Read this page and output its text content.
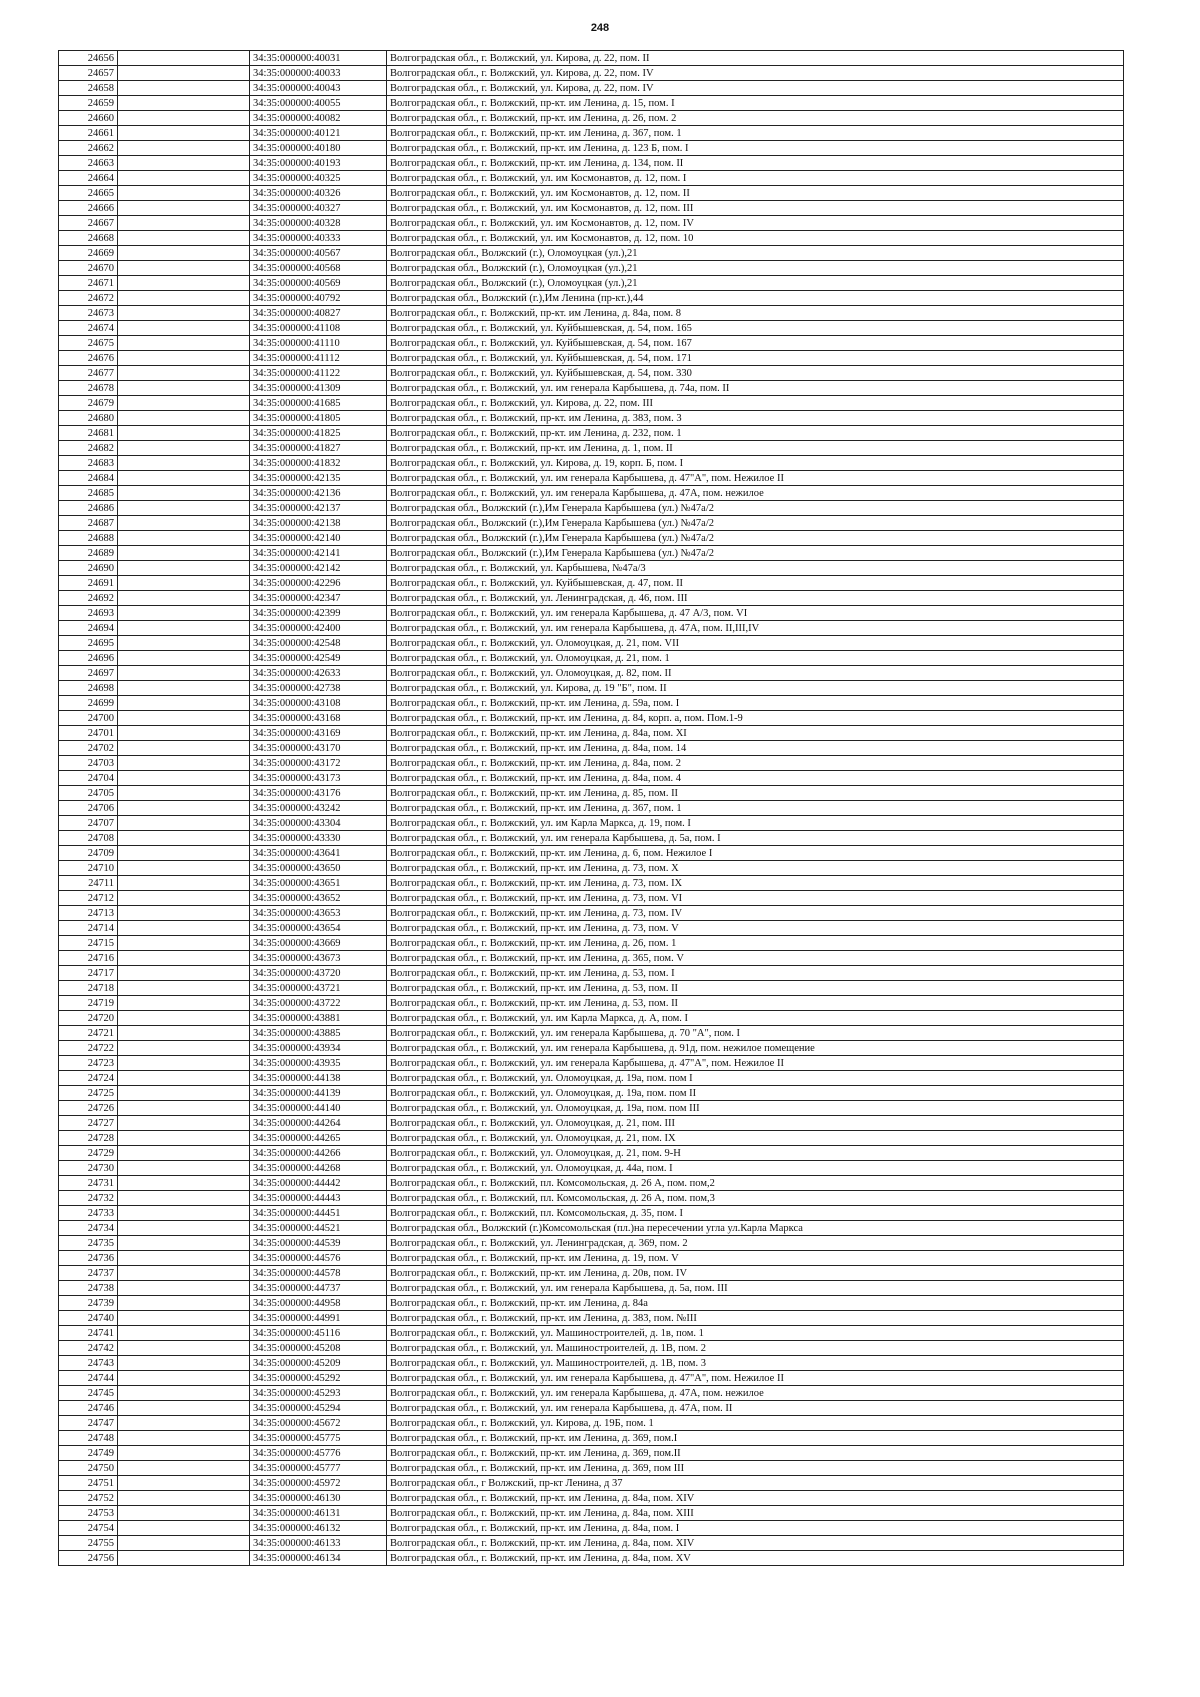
248
24656		34:35:000000:40031	Волгоградская обл., г. Волжский, ул. Кирова, д. 22, пом. II
24657		34:35:000000:40033	Волгоградская обл., г. Волжский, ул. Кирова, д. 22, пом. IV
24658		34:35:000000:40043	Волгоградская обл., г. Волжский, ул. Кирова, д. 22, пом. IV
24659		34:35:000000:40055	Волгоградская обл., г. Волжский, пр-кт. им Ленина, д. 15, пом. I
24660		34:35:000000:40082	Волгоградская обл., г. Волжский, пр-кт. им Ленина, д. 26, пом. 2
24661		34:35:000000:40121	Волгоградская обл., г. Волжский, пр-кт. им Ленина, д. 367, пом. 1
24662		34:35:000000:40180	Волгоградская обл., г. Волжский, пр-кт. им Ленина, д. 123 Б, пом. I
24663		34:35:000000:40193	Волгоградская обл., г. Волжский, пр-кт. им Ленина, д. 134, пом. II
24664		34:35:000000:40325	Волгоградская обл., г. Волжский, ул. им Космонавтов, д. 12, пом. I
24665		34:35:000000:40326	Волгоградская обл., г. Волжский, ул. им Космонавтов, д. 12, пом. II
24666		34:35:000000:40327	Волгоградская обл., г. Волжский, ул. им Космонавтов, д. 12, пом. III
24667		34:35:000000:40328	Волгоградская обл., г. Волжский, ул. им Космонавтов, д. 12, пом. IV
24668		34:35:000000:40333	Волгоградская обл., г. Волжский, ул. им Космонавтов, д. 12, пом. 10
24669		34:35:000000:40567	Волгоградская обл., Волжский (г.), Оломоуцкая (ул.),21
24670		34:35:000000:40568	Волгоградская обл., Волжский (г.), Оломоуцкая (ул.),21
24671		34:35:000000:40569	Волгоградская обл., Волжский (г.), Оломоуцкая (ул.),21
24672		34:35:000000:40792	Волгоградская обл., Волжский (г.),Им Ленина (пр-кт.),44
24673		34:35:000000:40827	Волгоградская обл., г. Волжский, пр-кт. им Ленина, д. 84а, пом. 8
24674		34:35:000000:41108	Волгоградская обл., г. Волжский, ул. Куйбышевская, д. 54, пом. 165
24675		34:35:000000:41110	Волгоградская обл., г. Волжский, ул. Куйбышевская, д. 54, пом. 167
24676		34:35:000000:41112	Волгоградская обл., г. Волжский, ул. Куйбышевская, д. 54, пом. 171
24677		34:35:000000:41122	Волгоградская обл., г. Волжский, ул. Куйбышевская, д. 54, пом. 330
24678		34:35:000000:41309	Волгоградская обл., г. Волжский, ул. им генерала Карбышева, д. 74а, пом. II
24679		34:35:000000:41685	Волгоградская обл., г. Волжский, ул. Кирова, д. 22, пом. III
24680		34:35:000000:41805	Волгоградская обл., г. Волжский, пр-кт. им Ленина, д. 383, пом. 3
24681		34:35:000000:41825	Волгоградская обл., г. Волжский, пр-кт. им Ленина, д. 232, пом. 1
24682		34:35:000000:41827	Волгоградская обл., г. Волжский, пр-кт. им Ленина, д. 1, пом. II
24683		34:35:000000:41832	Волгоградская обл., г. Волжский, ул. Кирова, д. 19, корп. Б, пом. I
24684		34:35:000000:42135	Волгоградская обл., г. Волжский, ул. им генерала Карбышева, д. 47"А", пом. Нежилое II
24685		34:35:000000:42136	Волгоградская обл., г. Волжский, ул. им генерала Карбышева, д. 47А, пом. нежилое
24686		34:35:000000:42137	Волгоградская обл., Волжский (г.),Им Генерала Карбышева (ул.) №47а/2
24687		34:35:000000:42138	Волгоградская обл., Волжский (г.),Им Генерала Карбышева (ул.) №47а/2
24688		34:35:000000:42140	Волгоградская обл., Волжский (г.),Им Генерала Карбышева (ул.) №47а/2
24689		34:35:000000:42141	Волгоградская обл., Волжский (г.),Им Генерала Карбышева (ул.) №47а/2
24690		34:35:000000:42142	Волгоградская обл., г. Волжский, ул. Карбышева, №47а/3
24691		34:35:000000:42296	Волгоградская обл., г. Волжский, ул. Куйбышевская, д. 47, пом. II
24692		34:35:000000:42347	Волгоградская обл., г. Волжский, ул. Ленинградская, д. 46, пом. III
24693		34:35:000000:42399	Волгоградская обл., г. Волжский, ул. им генерала Карбышева, д. 47 А/3, пом. VI
24694		34:35:000000:42400	Волгоградская обл., г. Волжский, ул. им генерала Карбышева, д. 47А, пом. II,III,IV
24695		34:35:000000:42548	Волгоградская обл., г. Волжский, ул. Оломоуцкая, д. 21, пом. VII
24696		34:35:000000:42549	Волгоградская обл., г. Волжский, ул. Оломоуцкая, д. 21, пом. 1
24697		34:35:000000:42633	Волгоградская обл., г. Волжский, ул. Оломоуцкая, д. 82, пом. II
24698		34:35:000000:42738	Волгоградская обл., г. Волжский, ул. Кирова, д. 19 "Б", пом. II
24699		34:35:000000:43108	Волгоградская обл., г. Волжский, пр-кт. им Ленина, д. 59а, пом. I
24700		34:35:000000:43168	Волгоградская обл., г. Волжский, пр-кт. им Ленина, д. 84, корп. а, пом. Пом.1-9
24701		34:35:000000:43169	Волгоградская обл., г. Волжский, пр-кт. им Ленина, д. 84а, пом. XI
24702		34:35:000000:43170	Волгоградская обл., г. Волжский, пр-кт. им Ленина, д. 84а, пом. 14
24703		34:35:000000:43172	Волгоградская обл., г. Волжский, пр-кт. им Ленина, д. 84а, пом. 2
24704		34:35:000000:43173	Волгоградская обл., г. Волжский, пр-кт. им Ленина, д. 84а, пом. 4
24705		34:35:000000:43176	Волгоградская обл., г. Волжский, пр-кт. им Ленина, д. 85, пом. II
24706		34:35:000000:43242	Волгоградская обл., г. Волжский, пр-кт. им Ленина, д. 367, пом. 1
24707		34:35:000000:43304	Волгоградская обл., г. Волжский, ул. им Карла Маркса, д. 19, пом. I
24708		34:35:000000:43330	Волгоградская обл., г. Волжский, ул. им генерала Карбышева, д. 5а, пом. I
24709		34:35:000000:43641	Волгоградская обл., г. Волжский, пр-кт. им Ленина, д. 6, пом. Нежилое I
24710		34:35:000000:43650	Волгоградская обл., г. Волжский, пр-кт. им Ленина, д. 73, пом. X
24711		34:35:000000:43651	Волгоградская обл., г. Волжский, пр-кт. им Ленина, д. 73, пом. IX
24712		34:35:000000:43652	Волгоградская обл., г. Волжский, пр-кт. им Ленина, д. 73, пом. VI
24713		34:35:000000:43653	Волгоградская обл., г. Волжский, пр-кт. им Ленина, д. 73, пом. IV
24714		34:35:000000:43654	Волгоградская обл., г. Волжский, пр-кт. им Ленина, д. 73, пом. V
24715		34:35:000000:43669	Волгоградская обл., г. Волжский, пр-кт. им Ленина, д. 26, пом. 1
24716		34:35:000000:43673	Волгоградская обл., г. Волжский, пр-кт. им Ленина, д. 365, пом. V
24717		34:35:000000:43720	Волгоградская обл., г. Волжский, пр-кт. им Ленина, д. 53, пом. I
24718		34:35:000000:43721	Волгоградская обл., г. Волжский, пр-кт. им Ленина, д. 53, пом. II
24719		34:35:000000:43722	Волгоградская обл., г. Волжский, пр-кт. им Ленина, д. 53, пом. II
24720		34:35:000000:43881	Волгоградская обл., г. Волжский, ул. им Карла Маркса, д. А, пом. I
24721		34:35:000000:43885	Волгоградская обл., г. Волжский, ул. им генерала Карбышева, д. 70 "А", пом. I
24722		34:35:000000:43934	Волгоградская обл., г. Волжский, ул. им генерала Карбышева, д. 91д, пом. нежилое помещение
24723		34:35:000000:43935	Волгоградская обл., г. Волжский, ул. им генерала Карбышева, д. 47"А", пом. Нежилое II
24724		34:35:000000:44138	Волгоградская обл., г. Волжский, ул. Оломоуцкая, д. 19а, пом. пом I
24725		34:35:000000:44139	Волгоградская обл., г. Волжский, ул. Оломоуцкая, д. 19а, пом. пом II
24726		34:35:000000:44140	Волгоградская обл., г. Волжский, ул. Оломоуцкая, д. 19а, пом. пом III
24727		34:35:000000:44264	Волгоградская обл., г. Волжский, ул. Оломоуцкая, д. 21, пом. III
24728		34:35:000000:44265	Волгоградская обл., г. Волжский, ул. Оломоуцкая, д. 21, пом. IX
24729		34:35:000000:44266	Волгоградская обл., г. Волжский, ул. Оломоуцкая, д. 21, пом. 9-Н
24730		34:35:000000:44268	Волгоградская обл., г. Волжский, ул. Оломоуцкая, д. 44а, пом. I
24731		34:35:000000:44442	Волгоградская обл., г. Волжский, пл. Комсомольская, д. 26 А, пом. пом,2
24732		34:35:000000:44443	Волгоградская обл., г. Волжский, пл. Комсомольская, д. 26 А, пом. пом,3
24733		34:35:000000:44451	Волгоградская обл., г. Волжский, пл. Комсомольская, д. 35, пом. I
24734		34:35:000000:44521	Волгоградская обл., Волжский (г.)Комсомольская (пл.)на пересечении угла ул.Карла Маркса
24735		34:35:000000:44539	Волгоградская обл., г. Волжский, ул. Ленинградская, д. 369, пом. 2
24736		34:35:000000:44576	Волгоградская обл., г. Волжский, пр-кт. им Ленина, д. 19, пом. V
24737		34:35:000000:44578	Волгоградская обл., г. Волжский, пр-кт. им Ленина, д. 20в, пом. IV
24738		34:35:000000:44737	Волгоградская обл., г. Волжский, ул. им генерала Карбышева, д. 5а, пом. III
24739		34:35:000000:44958	Волгоградская обл., г. Волжский, пр-кт. им Ленина, д. 84а
24740		34:35:000000:44991	Волгоградская обл., г. Волжский, пр-кт. им Ленина, д. 383, пом. №III
24741		34:35:000000:45116	Волгоградская обл., г. Волжский, ул. Машиностроителей, д. 1в, пом. 1
24742		34:35:000000:45208	Волгоградская обл., г. Волжский, ул. Машиностроителей, д. 1В, пом. 2
24743		34:35:000000:45209	Волгоградская обл., г. Волжский, ул. Машиностроителей, д. 1В, пом. 3
24744		34:35:000000:45292	Волгоградская обл., г. Волжский, ул. им генерала Карбышева, д. 47"А", пом. Нежилое II
24745		34:35:000000:45293	Волгоградская обл., г. Волжский, ул. им генерала Карбышева, д. 47А, пом. нежилое
24746		34:35:000000:45294	Волгоградская обл., г. Волжский, ул. им генерала Карбышева, д. 47А, пом. II
24747		34:35:000000:45672	Волгоградская обл., г. Волжский, ул. Кирова, д. 19Б, пом. 1
24748		34:35:000000:45775	Волгоградская обл., г. Волжский, пр-кт. им Ленина, д. 369, пом.I
24749		34:35:000000:45776	Волгоградская обл., г. Волжский, пр-кт. им Ленина, д. 369, пом.II
24750		34:35:000000:45777	Волгоградская обл., г. Волжский, пр-кт. им Ленина, д. 369, пом III
24751		34:35:000000:45972	Волгоградская обл., г Волжский, пр-кт Ленина, д 37
24752		34:35:000000:46130	Волгоградская обл., г. Волжский, пр-кт. им Ленина, д. 84а, пом. XIV
24753		34:35:000000:46131	Волгоградская обл., г. Волжский, пр-кт. им Ленина, д. 84а, пом. XIII
24754		34:35:000000:46132	Волгоградская обл., г. Волжский, пр-кт. им Ленина, д. 84а, пом. I
24755		34:35:000000:46133	Волгоградская обл., г. Волжский, пр-кт. им Ленина, д. 84а, пом. XIV
24756		34:35:000000:46134	Волгоградская обл., г. Волжский, пр-кт. им Ленина, д. 84а, пом. XV
